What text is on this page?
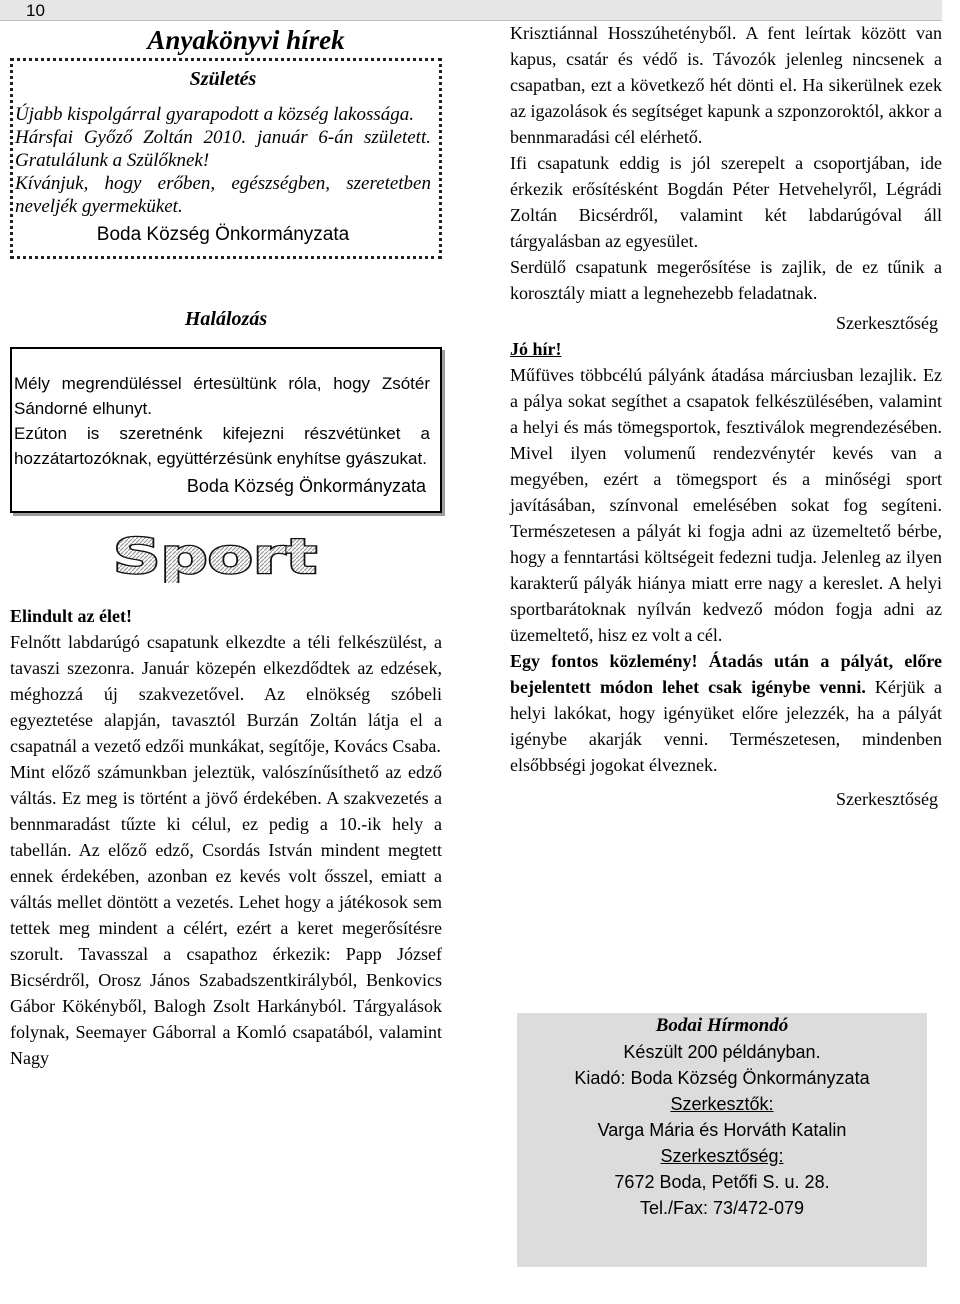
10
Anyakönyvi hírek
Születés

Újabb kispolgárral gyarapodott a község lakossága.

Hársfai Győző Zoltán 2010. január 6-án született. Gratulálunk a Szülőknek!

Kívánjuk, hogy erőben, egészségben, szeretetben neveljék gyermeküket.

Boda Község Önkormányzata

Halálozás

Mély megrendüléssel értesültünk róla, hogy Zsótér Sándorné elhunyt.

Ezúton is szeretnénk kifejezni részvétünket a hozzátartozóknak, együttérzésünk enyhítse gyászukat.

Boda Község Önkormányzata

Sport

Elindult az élet!

Felnőtt labdarúgó csapatunk elkezdte a téli felkészülést, a tavaszi szezonra. Január közepén elkezdődtek az edzések, méghozzá új szakvezetővel. Az elnökség szóbeli egyeztetése alapján, tavasztól Burzán Zoltán látja el a csapatnál a vezető edzői munkákat, segítője, Kovács Csaba.

Mint előző számunkban jeleztük, valószínűsíthető az edző váltás. Ez meg is történt a jövő érdekében. A szakvezetés a bennmaradást tűzte ki célul, ez pedig a 10.-ik hely a tabellán. Az előző edző, Csordás István mindent megtett ennek érdekében, azonban ez kevés volt ősszel, emiatt a váltás mellet döntött a vezetés. Lehet hogy a játékosok sem tettek meg mindent a célért, ezért a keret megerősítésre szorult. Tavasszal a csapathoz érkezik: Papp József Bicsérdről, Orosz János Szabadszentkirályból, Benkovics Gábor Kökényből, Balogh Zsolt Harkányból. Tárgyalások folynak, Seemayer Gáborral a Komló csapatából, valamint Nagy

Krisztiánnal Hosszúhetényből. A fent leírtak között van kapus, csatár és védő is. Távozók jelenleg nincsenek a csapatban, ezt a következő hét dönti el. Ha sikerülnek ezek az igazolások és segítséget kapunk a szponzoroktól, akkor a bennmaradási cél elérhető.

Ifi csapatunk eddig is jól szerepelt a csoportjában, ide érkezik erősítésként Bogdán Péter Hetvehelyről, Légrádi Zoltán Bicsérdről, valamint két labdarúgóval áll tárgyalásban az egyesület.

Serdülő csapatunk megerősítése is zajlik, de ez tűnik a korosztály miatt a legnehezebb feladatnak.

Szerkesztőség

Jó hír!

Műfüves többcélú pályánk átadása márciusban lezajlik. Ez a pálya sokat segíthet a csapatok felkészülésében, valamint a helyi és más tömegsportok, fesztiválok megrendezésében. Mivel ilyen volumenű rendezvénytér kevés van a megyében, ezért a tömegsport és a minőségi sport javításában, színvonal emelésében sokat fog segíteni. Természetesen a pályát ki fogja adni az üzemeltető bérbe, hogy a fenntartási költségeit fedezni tudja. Jelenleg az ilyen karakterű pályák hiánya miatt erre nagy a kereslet. A helyi sportbarátoknak nyílván kedvező módon fogja adni az üzemeltető, hisz ez volt a cél.

Egy fontos közlemény! Átadás után a pályát, előre bejelentett módon lehet csak igénybe venni. Kérjük a helyi lakókat, hogy igényüket előre jelezzék, ha a pályát igénybe akarják venni. Természetesen, mindenben elsőbbségi jogokat élveznek.

Szerkesztőség

Bodai Hírmondó

Készült 200 példányban.

Kiadó: Boda Község Önkormányzata

Szerkesztők:

Varga Mária és Horváth Katalin

Szerkesztőség:

7672 Boda, Petőfi S. u. 28.

Tel./Fax: 73/472-079
